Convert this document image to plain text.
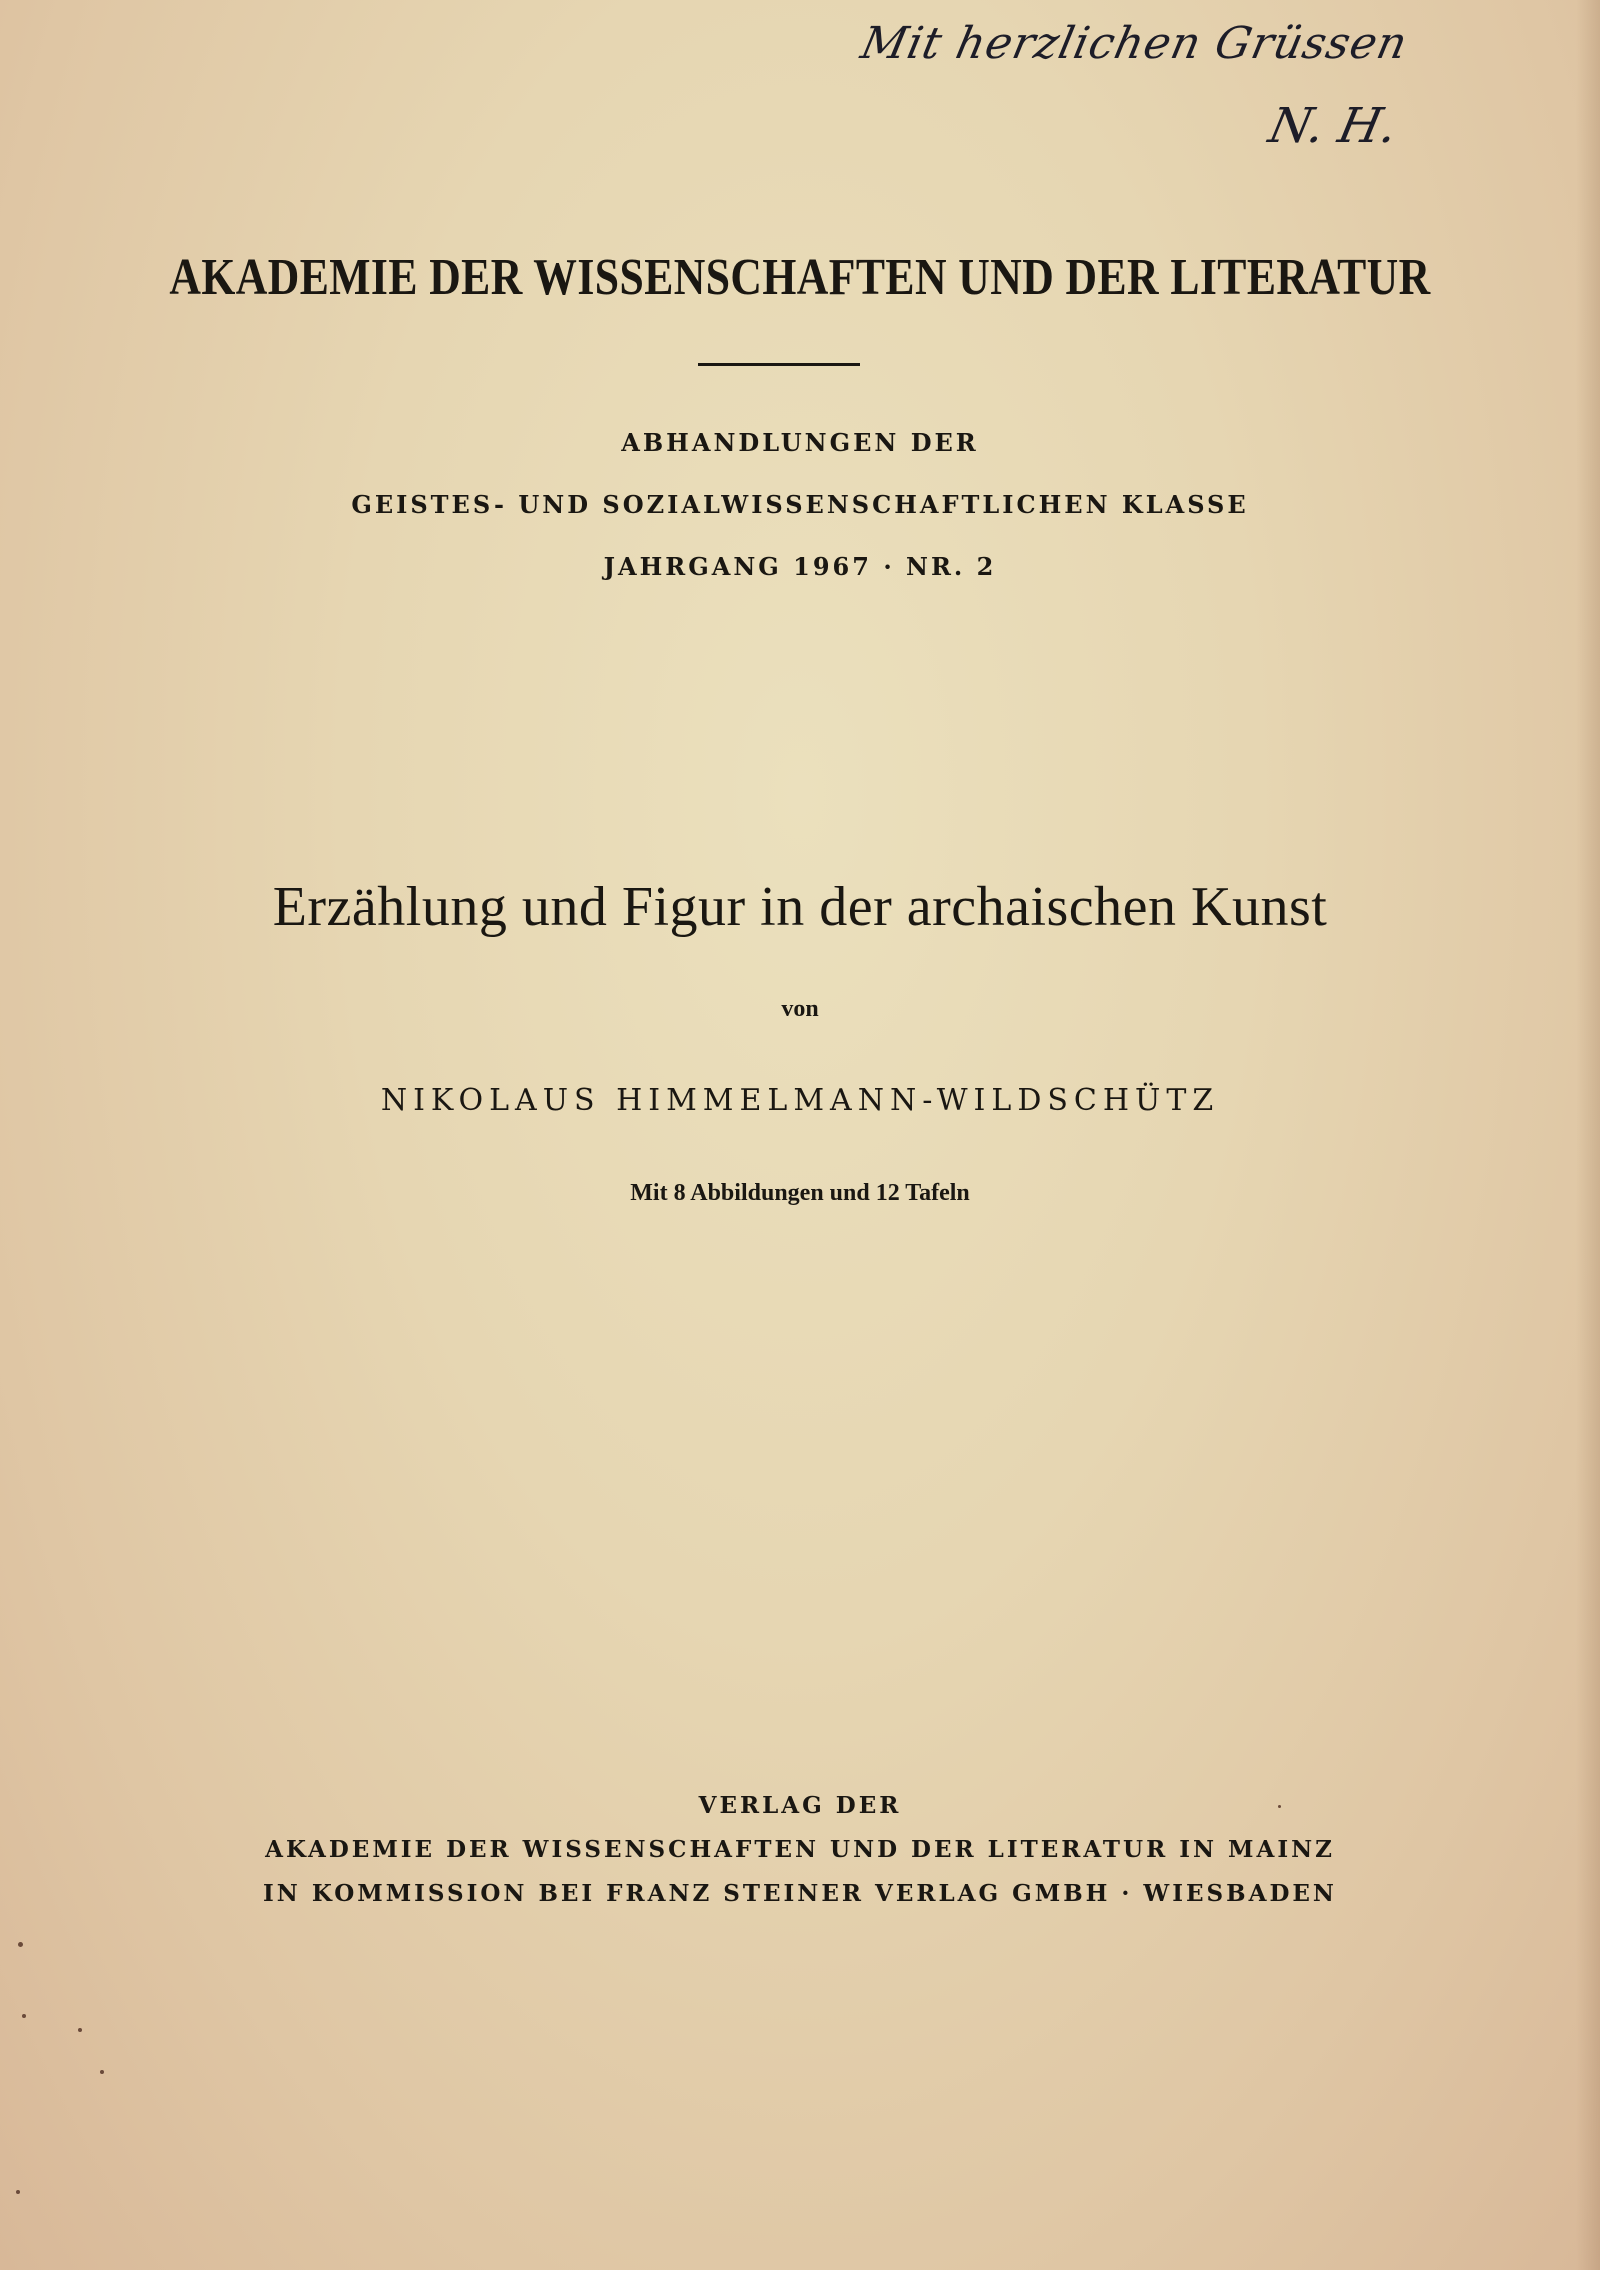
Mit herzlichen Grüssen
N. H.
AKADEMIE DER WISSENSCHAFTEN UND DER LITERATUR
ABHANDLUNGEN DER
GEISTES- UND SOZIALWISSENSCHAFTLICHEN KLASSE
JAHRGANG 1967 · NR. 2
Erzählung und Figur in der archaischen Kunst
von
NIKOLAUS HIMMELMANN-WILDSCHÜTZ
Mit 8 Abbildungen und 12 Tafeln
VERLAG DER
AKADEMIE DER WISSENSCHAFTEN UND DER LITERATUR IN MAINZ
IN KOMMISSION BEI FRANZ STEINER VERLAG GMBH · WIESBADEN
